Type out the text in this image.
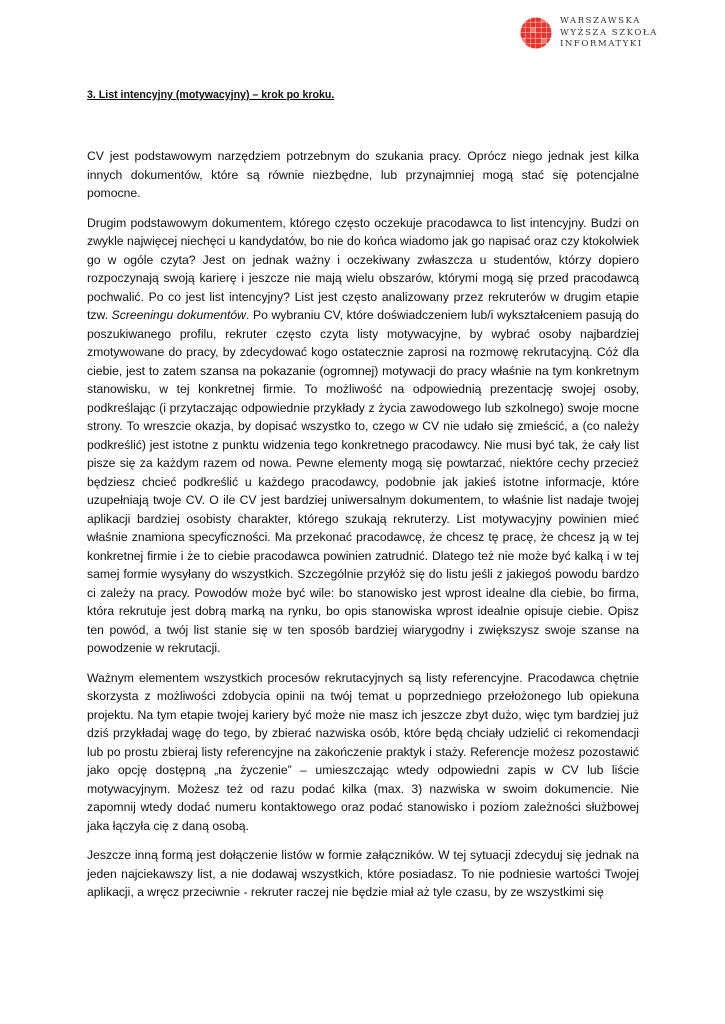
WARSZAWSKA
WYŻSZA SZKOŁA
INFORMATYKI
3. List intencyjny (motywacyjny) – krok po kroku.

CV jest podstawowym narzędziem potrzebnym do szukania pracy. Oprócz niego jednak jest kilka innych dokumentów, które są równie niezbędne, lub przynajmniej mogą stać się potencjalne pomocne.

Drugim podstawowym dokumentem, którego często oczekuje pracodawca to list intencyjny. Budzi on zwykle najwięcej niechęci u kandydatów, bo nie do końca wiadomo jak go napisać oraz czy ktokolwiek go w ogóle czyta? Jest on jednak ważny i oczekiwany zwłaszcza u studentów, którzy dopiero rozpoczynają swoją karierę i jeszcze nie mają wielu obszarów, którymi mogą się przed pracodawcą pochwalić. Po co jest list intencyjny? List jest często analizowany przez rekruterów w drugim etapie tzw. Screeningu dokumentów. Po wybraniu CV, które doświadczeniem lub/i wykształceniem pasują do poszukiwanego profilu, rekruter często czyta listy motywacyjne, by wybrać osoby najbardziej zmotywowane do pracy, by zdecydować kogo ostatecznie zaprosi na rozmowę rekrutacyjną. Cóż dla ciebie, jest to zatem szansa na pokazanie (ogromnej) motywacji do pracy właśnie na tym konkretnym stanowisku, w tej konkretnej firmie. To możliwość na odpowiednią prezentację swojej osoby, podkreślając (i przytaczając odpowiednie przykłady z życia zawodowego lub szkolnego) swoje mocne strony. To wreszcie okazja, by dopisać wszystko to, czego w CV nie udało się zmieścić, a (co należy podkreślić) jest istotne z punktu widzenia tego konkretnego pracodawcy. Nie musi być tak, że cały list pisze się za każdym razem od nowa. Pewne elementy mogą się powtarzać, niektóre cechy przecież będziesz chcieć podkreślić u każdego pracodawcy, podobnie jak jakieś istotne informacje, które uzupełniają twoje CV. O ile CV jest bardziej uniwersalnym dokumentem, to właśnie list nadaje twojej aplikacji bardziej osobisty charakter, którego szukają rekruterzy. List motywacyjny powinien mieć właśnie znamiona specyficzności. Ma przekonać pracodawcę, że chcesz tę pracę, że chcesz ją w tej konkretnej firmie i że to ciebie pracodawca powinien zatrudnić. Dlatego też nie może być kalką i w tej samej formie wysyłany do wszystkich. Szczególnie przyłóż się do listu jeśli z jakiegoś powodu bardzo ci zależy na pracy. Powodów może być wile: bo stanowisko jest wprost idealne dla ciebie, bo firma, która rekrutuje jest dobrą marką na rynku, bo opis stanowiska wprost idealnie opisuje ciebie. Opisz ten powód, a twój list stanie się w ten sposób bardziej wiarygodny i zwiększysz swoje szanse na powodzenie w rekrutacji.

Ważnym elementem wszystkich procesów rekrutacyjnych są listy referencyjne. Pracodawca chętnie skorzysta z możliwości zdobycia opinii na twój temat u poprzedniego przełożonego lub opiekuna projektu. Na tym etapie twojej kariery być może nie masz ich jeszcze zbyt dużo, więc tym bardziej już dziś przykładaj wagę do tego, by zbierać nazwiska osób, które będą chciały udzielić ci rekomendacji lub po prostu zbieraj listy referencyjne na zakończenie praktyk i staży. Referencje możesz pozostawić jako opcję dostępną „na życzenie” – umieszczając wtedy odpowiedni zapis w CV lub liście motywacyjnym. Możesz też od razu podać kilka (max. 3) nazwiska w swoim dokumencie. Nie zapomnij wtedy dodać numeru kontaktowego oraz podać stanowisko i poziom zależności służbowej jaka łączyła cię z daną osobą.

Jeszcze inną formą jest dołączenie listów w formie załączników. W tej sytuacji zdecyduj się jednak na jeden najciekawszy list, a nie dodawaj wszystkich, które posiadasz. To nie podniesie wartości Twojej aplikacji, a wręcz przeciwnie - rekruter raczej nie będzie miał aż tyle czasu, by ze wszystkimi się
